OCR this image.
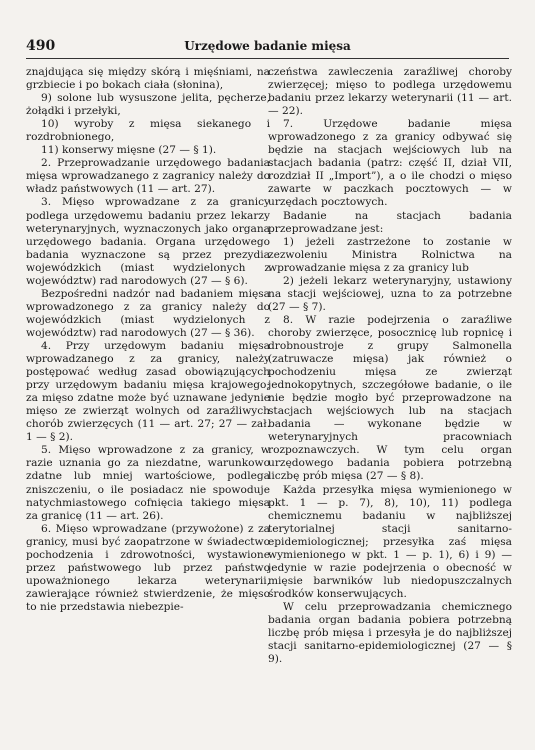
490	Urzędowe badanie mięsa

znajdująca się między skórą i mięśniami, na grzbiecie i po bokach ciała (słonina),

9) solone lub wysuszone jelita, pęcherze, żołądki i przełyki,

10) wyroby z mięsa siekanego i rozdrobnionego,

11) konserwy mięsne (27 — § 1).

2. Przeprowadzanie urzędowego badania mięsa wprowadzanego z zagranicy należy do władz państwowych (11 — art. 27).

3. Mięso wprowadzane z za granicy podlega urzędowemu badaniu przez lekarzy weterynaryjnych, wyznaczonych jako organa urzędowego badania. Organa urzędowego badania wyznaczone są przez prezydia wojewódzkich (miast wydzielonych z województw) rad narodowych (27 — § 6).

Bezpośredni nadzór nad badaniem mięsa wprowadzonego z za granicy należy do wojewódzkich (miast wydzielonych z województw) rad narodowych (27 — § 36).

4. Przy urzędowym badaniu mięsa wprowadzanego z za granicy, należy postępować według zasad obowiązujących przy urzędowym badaniu mięsa krajowego; za mięso zdatne może być uznawane jedynie mięso ze zwierząt wolnych od zaraźliwych chorób zwierzęcych (11 — art. 27; 27 — zał. 1 — § 2).

5. Mięso wprowadzone z za granicy, w razie uznania go za niezdatne, warunkowo zdatne lub mniej wartościowe, podlega zniszczeniu, o ile posiadacz nie spowoduje natychmiastowego cofnięcia takiego mięsa za granicę (11 — art. 26).

6. Mięso wprowadzane (przywożone) z za granicy, musi być zaopatrzone w świadectwo pochodzenia i zdrowotności, wystawione przez państwowego lub przez państwo upoważnionego lekarza weterynarii, zawierające również stwierdzenie, że mięso to nie przedstawia niebezpie-

czeństwa zawleczenia zaraźliwej choroby zwierzęcej; mięso to podlega urzędowemu badaniu przez lekarzy weterynarii (11 — art. — 22).

7. Urzędowe badanie mięsa wprowadzonego z za granicy odbywać się będzie na stacjach wejściowych lub na stacjach badania (patrz: część II, dział VII, rozdział II „Import”), a o ile chodzi o mięso zawarte w paczkach pocztowych — w urzędach pocztowych.

Badanie na stacjach badania przeprowadzane jest:

1) jeżeli zastrzeżone to zostanie w zezwoleniu Ministra Rolnictwa na wprowadzanie mięsa z za granicy lub

2) jeżeli lekarz weterynaryjny, ustawiony na stacji wejściowej, uzna to za potrzebne (27 — § 7).

8. W razie podejrzenia o zaraźliwe choroby zwierzęce, posocznicę lub ropnicę i drobnoustroje z grupy Salmonella (zatruwacze mięsa) jak również o pochodzeniu mięsa ze zwierząt jednokopytnych, szczegółowe badanie, o ile nie będzie mogło być przeprowadzone na stacjach wejściowych lub na stacjach badania — wykonane będzie w weterynaryjnych pracowniach rozpoznawczych. W tym celu organ urzędowego badania pobiera potrzebną liczbę prób mięsa (27 — § 8).

Każda przesyłka mięsa wymienionego w pkt. 1 — p. 7), 8), 10), 11) podlega chemicznemu badaniu w najbliższej terytorialnej stacji sanitarno-epidemiologicznej; przesyłka zaś mięsa wymienionego w pkt. 1 — p. 1), 6) i 9) — jedynie w razie podejrzenia o obecność w mięsie barwników lub niedopuszczalnych środków konserwujących.

W celu przeprowadzania chemicznego badania organ badania pobiera potrzebną liczbę prób mięsa i przesyła je do najbliższej stacji sanitarno-epidemiologicznej (27 — § 9).
